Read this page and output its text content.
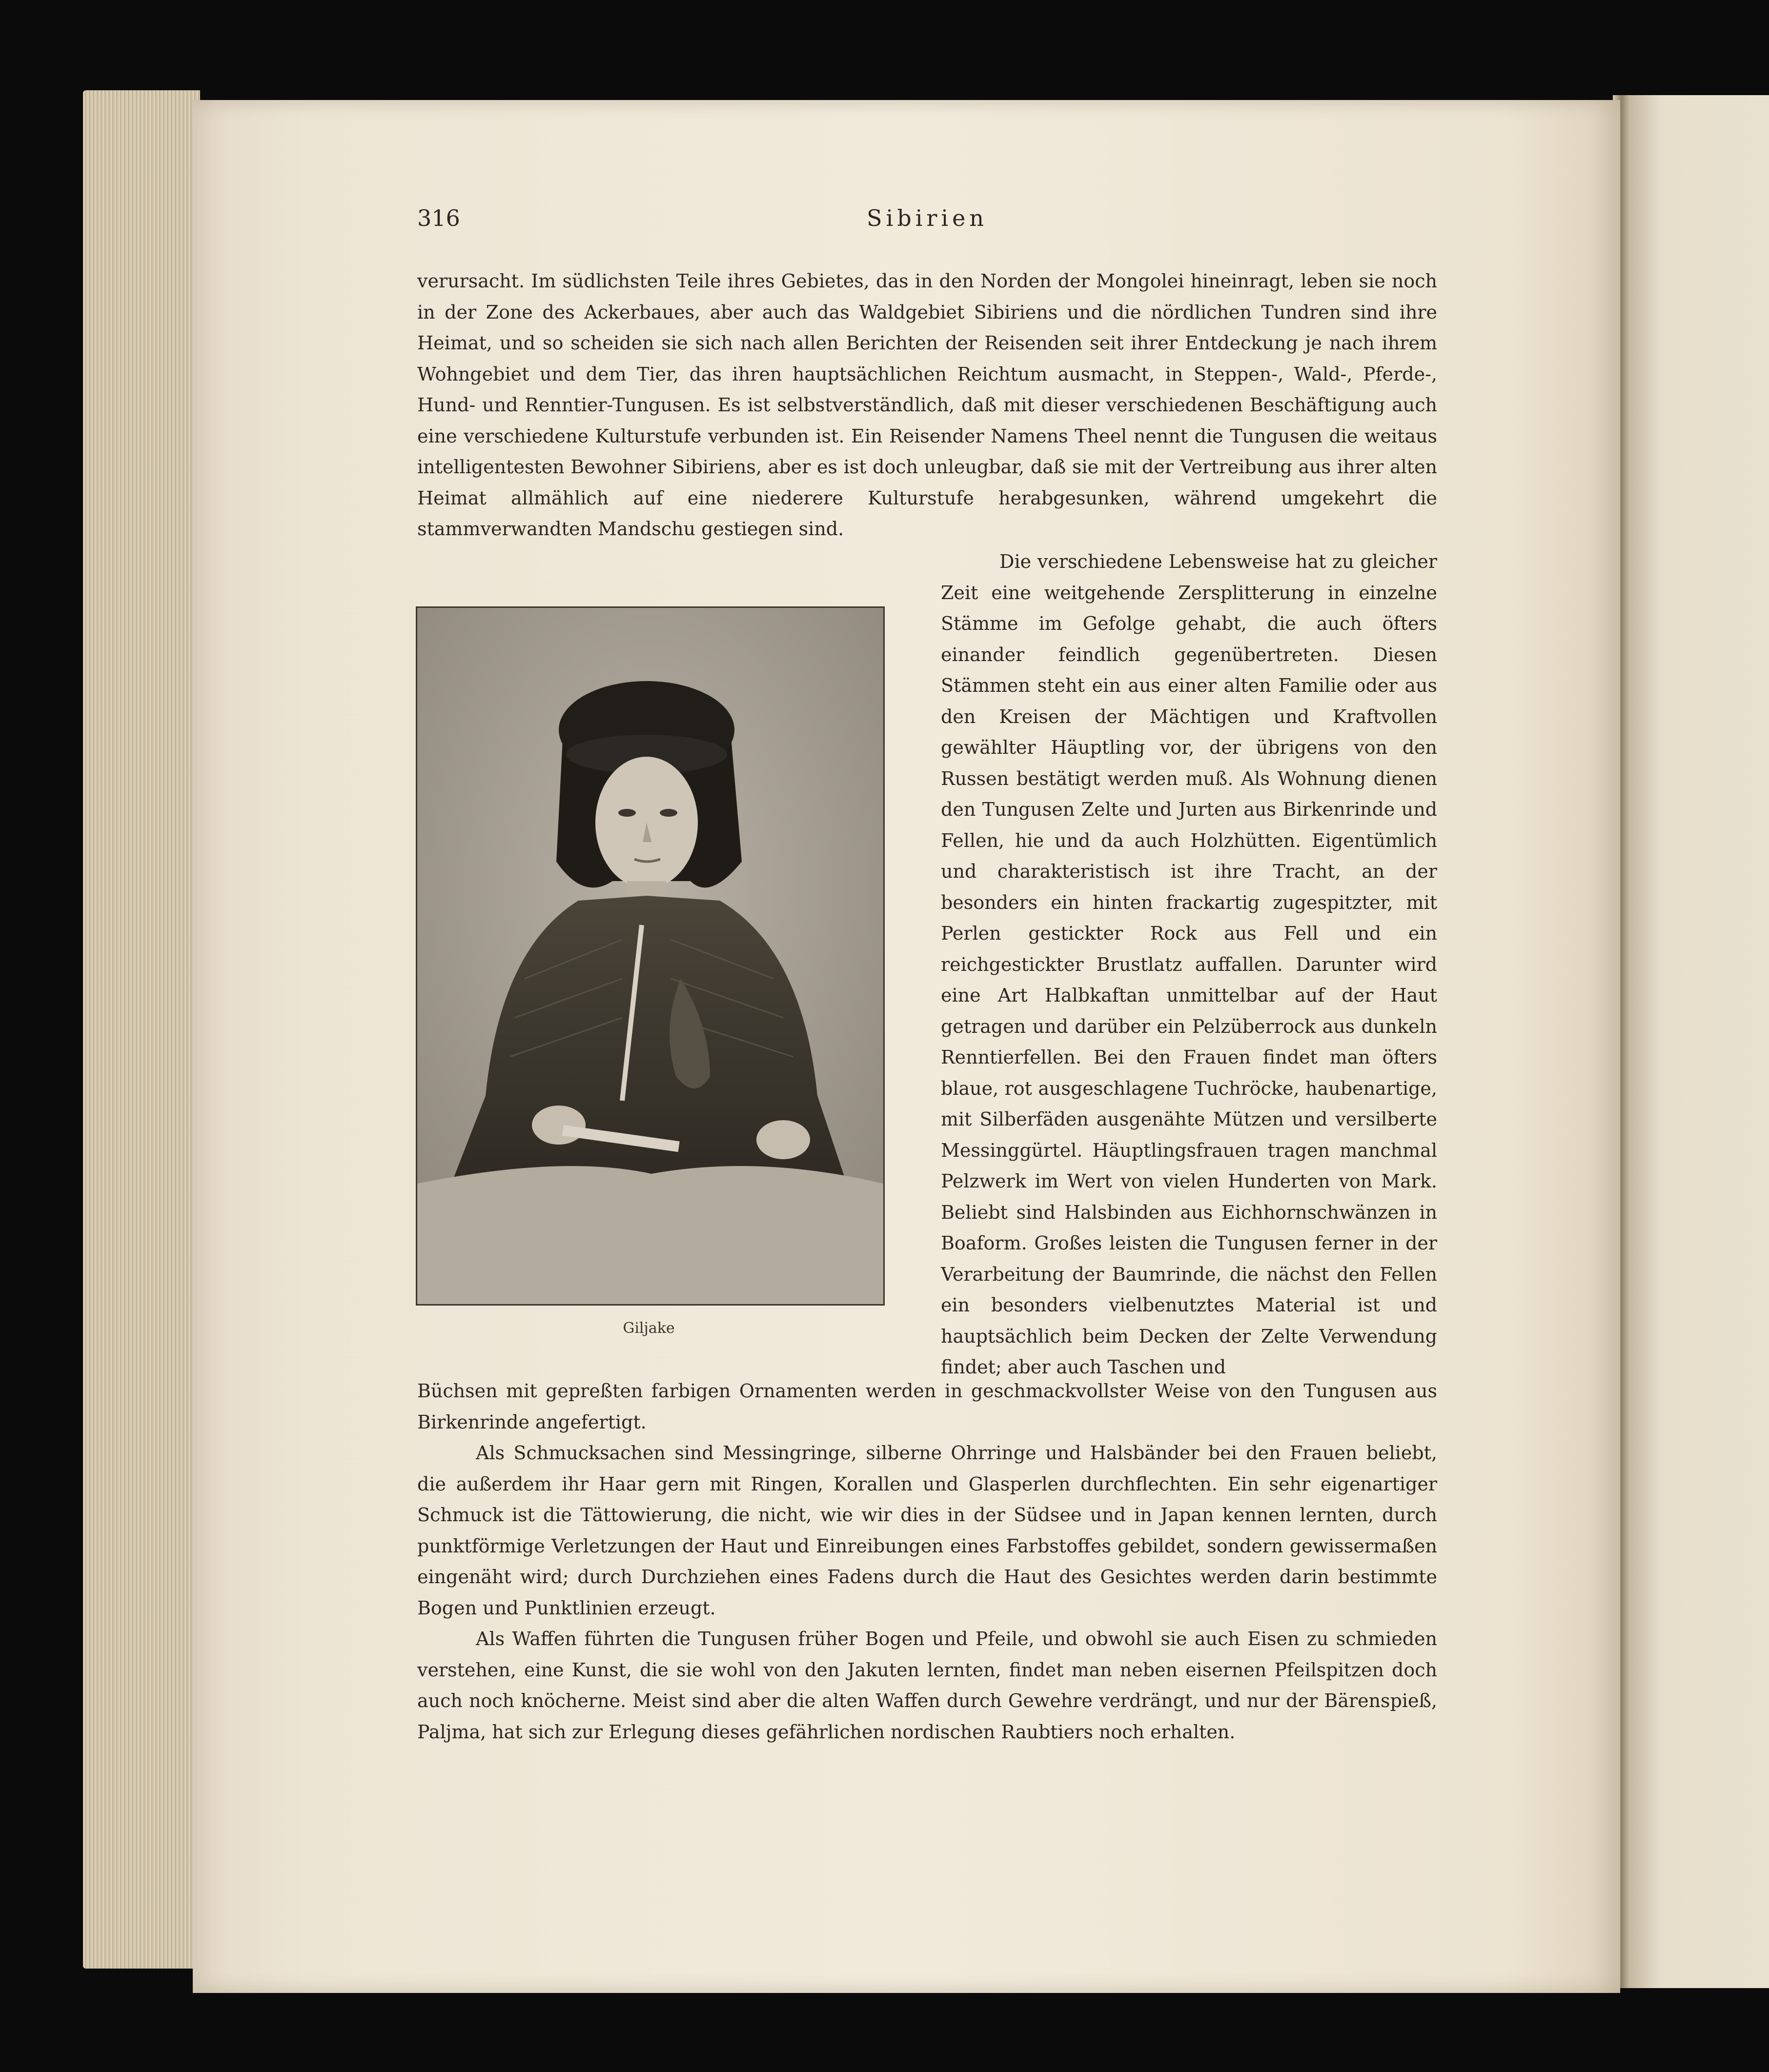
316	Sibirien

verursacht. Im südlichsten Teile ihres Gebietes, das in den Norden der Mongolei hineinragt, leben sie noch in der Zone des Ackerbaues, aber auch das Waldgebiet Sibiriens und die nördlichen Tundren sind ihre Heimat, und so scheiden sie sich nach allen Berichten der Reisenden seit ihrer Entdeckung je nach ihrem Wohngebiet und dem Tier, das ihren hauptsächlichen Reichtum ausmacht, in Steppen-, Wald-, Pferde-, Hund- und Renntier-Tungusen. Es ist selbstverständlich, daß mit dieser verschiedenen Beschäftigung auch eine verschiedene Kulturstufe verbunden ist. Ein Reisender Namens Theel nennt die Tungusen die weitaus intelligentesten Bewohner Sibiriens, aber es ist doch unleugbar, daß sie mit der Vertreibung aus ihrer alten Heimat allmählich auf eine niederere Kulturstufe herabgesunken, während umgekehrt die stammverwandten Mandschu gestiegen sind.

Giljake

Die verschiedene Lebensweise hat zu gleicher Zeit eine weitgehende Zersplitterung in einzelne Stämme im Gefolge gehabt, die auch öfters einander feindlich gegenübertreten. Diesen Stämmen steht ein aus einer alten Familie oder aus den Kreisen der Mächtigen und Kraftvollen gewählter Häuptling vor, der übrigens von den Russen bestätigt werden muß. Als Wohnung dienen den Tungusen Zelte und Jurten aus Birkenrinde und Fellen, hie und da auch Holzhütten. Eigentümlich und charakteristisch ist ihre Tracht, an der besonders ein hinten frackartig zugespitzter, mit Perlen gestickter Rock aus Fell und ein reichgestickter Brustlatz auffallen. Darunter wird eine Art Halbkaftan unmittelbar auf der Haut getragen und darüber ein Pelzüberrock aus dunkeln Renntierfellen. Bei den Frauen findet man öfters blaue, rot ausgeschlagene Tuchröcke, haubenartige, mit Silberfäden ausgenähte Mützen und versilberte Messinggürtel. Häuptlingsfrauen tragen manchmal Pelzwerk im Wert von vielen Hunderten von Mark. Beliebt sind Halsbinden aus Eichhornschwänzen in Boaform. Großes leisten die Tungusen ferner in der Verarbeitung der Baumrinde, die nächst den Fellen ein besonders vielbenutztes Material ist und hauptsächlich beim Decken der Zelte Verwendung findet; aber auch Taschen und

Büchsen mit gepreßten farbigen Ornamenten werden in geschmackvollster Weise von den Tungusen aus Birkenrinde angefertigt.

Als Schmucksachen sind Messingringe, silberne Ohrringe und Halsbänder bei den Frauen beliebt, die außerdem ihr Haar gern mit Ringen, Korallen und Glasperlen durchflechten. Ein sehr eigenartiger Schmuck ist die Tättowierung, die nicht, wie wir dies in der Südsee und in Japan kennen lernten, durch punktförmige Verletzungen der Haut und Einreibungen eines Farbstoffes gebildet, sondern gewissermaßen eingenäht wird; durch Durchziehen eines Fadens durch die Haut des Gesichtes werden darin bestimmte Bogen und Punktlinien erzeugt.

Als Waffen führten die Tungusen früher Bogen und Pfeile, und obwohl sie auch Eisen zu schmieden verstehen, eine Kunst, die sie wohl von den Jakuten lernten, findet man neben eisernen Pfeilspitzen doch auch noch knöcherne. Meist sind aber die alten Waffen durch Gewehre verdrängt, und nur der Bärenspieß, Paljma, hat sich zur Erlegung dieses gefährlichen nordischen Raubtiers noch erhalten.
